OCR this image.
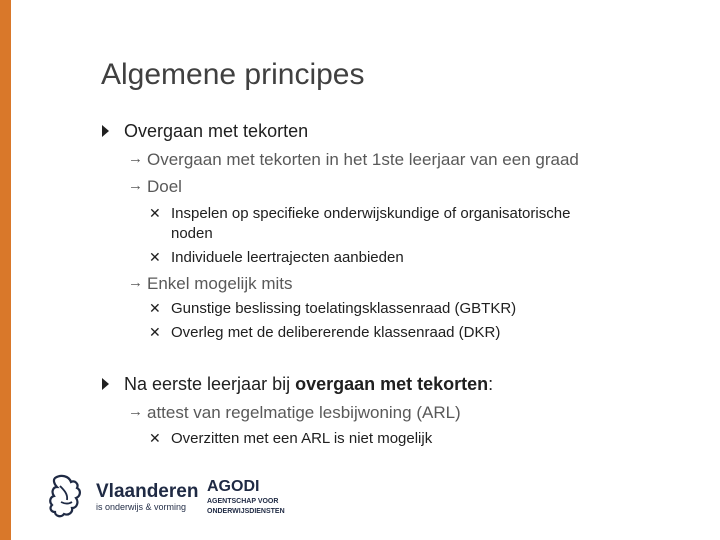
Algemene principes
Overgaan met tekorten
→ Overgaan met tekorten in het 1ste leerjaar van een graad
→ Doel
✕ Inspelen op specifieke onderwijskundige of organisatorische
noden
✕ Individuele leertrajecten aanbieden
→ Enkel mogelijk mits
✕ Gunstige beslissing toelatingsklassenraad (GBTKR)
✕ Overleg met de delibererende klassenraad (DKR)
Na eerste leerjaar bij overgaan met tekorten:
→ attest van regelmatige lesbijwoning (ARL)
✕ Overzitten met een ARL is niet mogelijk
Vlaanderen
is onderwijs & vorming
AGODI
AGENTSCHAP VOOR ONDERWIJSDIENSTEN
